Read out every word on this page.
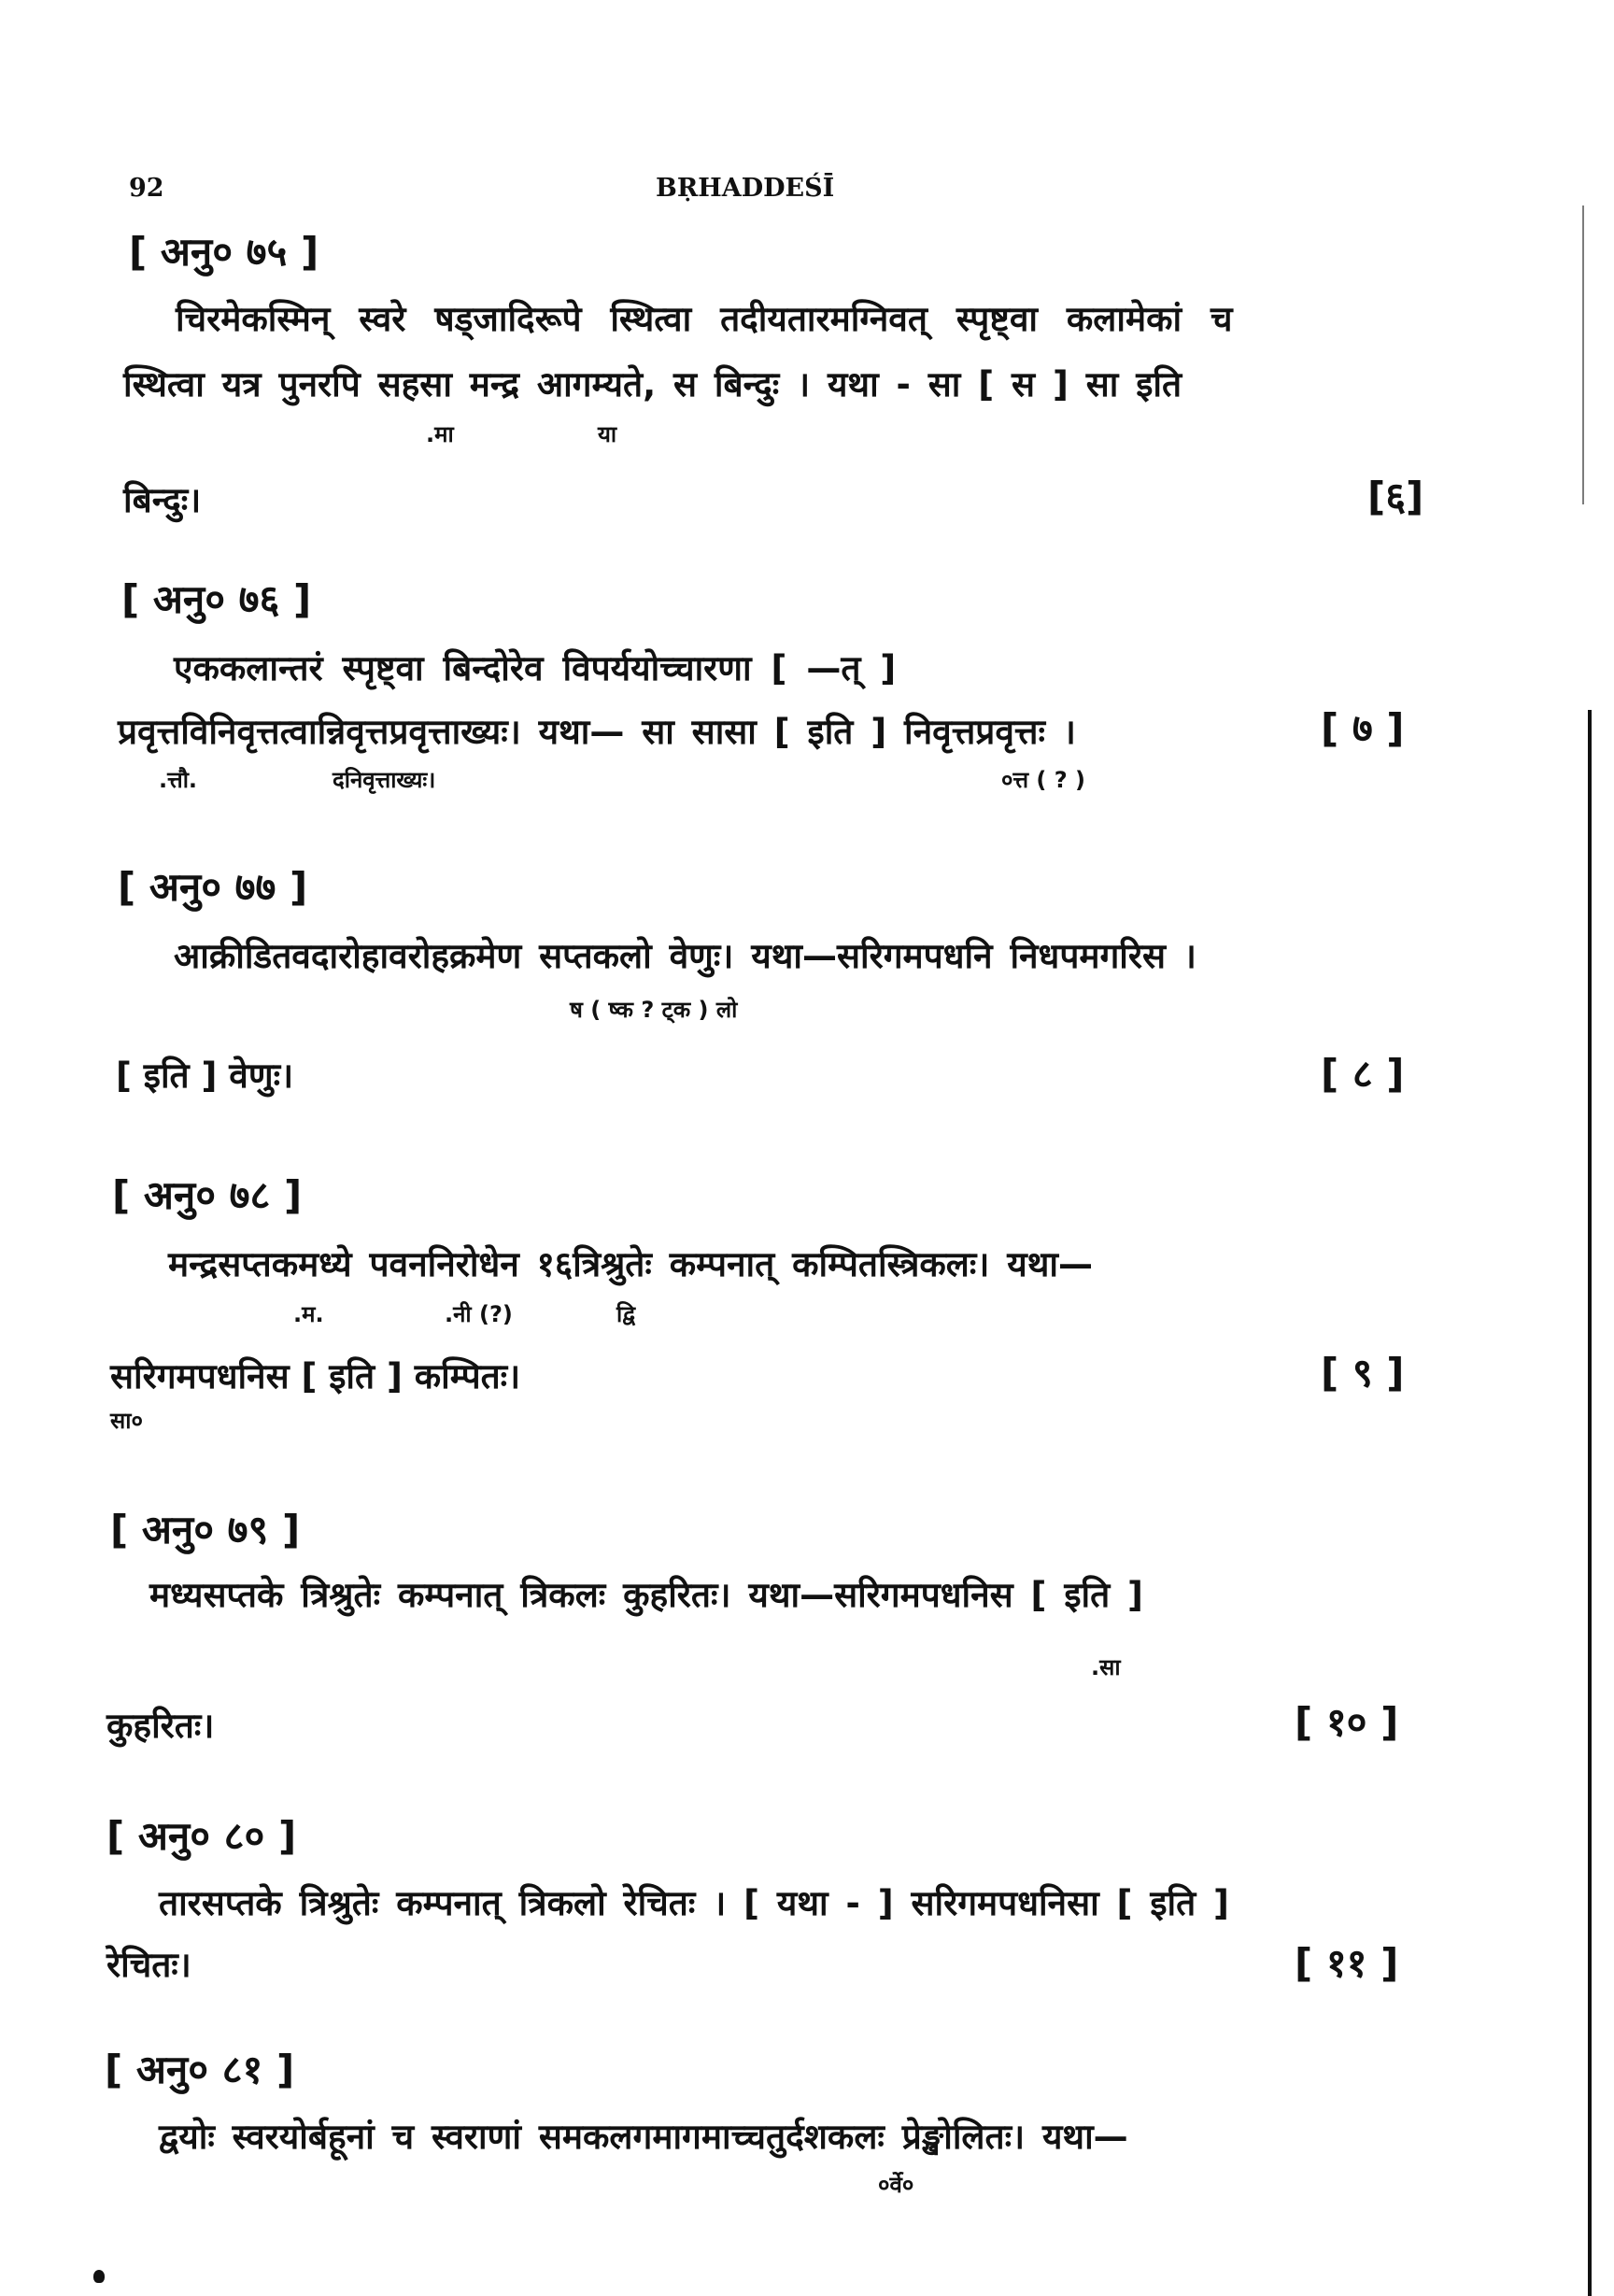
92	BṚHADDEŚĪ
[ अनु० ७५ ]
चिरमेकस्मिन् स्वरे षड्जादिरूपे स्थित्वा तदीयतारमग्निवत् स्पृष्ट्वा कलामेकां च
स्थित्वा यत्र पुनरपि सहसा मन्द्र आगम्यते, स बिन्दुः । यथा - सा [ स ] सा इति
.मा	या
बिन्दुः।	[६]
[ अनु० ७६ ]
एककलान्तरं स्पृष्ट्वा बिन्दोरेव विपर्ययोच्चारणा [ —त् ]
प्रवृत्तविनिवृत्तत्वान्निवृत्तप्रवृत्ताख्यः। यथा— सा सासा [ इति ] निवृत्तप्रवृत्तः ।	[ ७ ]
.त्तौ.	दनिवृत्ताख्यः।	०त्त ( ? )
[ अनु० ७७ ]
आक्रीडितवदारोहावरोहक्रमेण सप्तकलो वेणुः। यथा—सरिगमपधनि निधपमगरिस ।
ष ( ष्क ? ट्क ) लो
[ इति ] वेणुः।	[ ८ ]
[ अनु० ७८ ]
मन्द्रसप्तकमध्ये पवननिरोधेन १६त्रिश्रुतेः कम्पनात् कम्पितस्त्रिकलः। यथा—
.म.	.नी (?)	द्वि
सरिगमपधनिस [ इति ] कम्पितः।	[ ९ ]
सा०
[ अनु० ७९ ]
मध्यसप्तके त्रिश्रुतेः कम्पनात् त्रिकलः कुहरितः। यथा—सरिगमपधनिस [ इति ]
.सा
कुहरितः।	[ १० ]
[ अनु० ८० ]
तारसप्तके त्रिश्रुतेः कम्पनात् त्रिकलो रेचितः । [ यथा - ] सरिगमपधनिसा [ इति ]
रेचितः।	[ ११ ]
[ अनु० ८१ ]
द्वयोः स्वरयोर्बहूनां च स्वराणां समकलगमागमाच्चतुर्दशकलः प्रेङ्खोलितः। यथा—
०र्वे०
